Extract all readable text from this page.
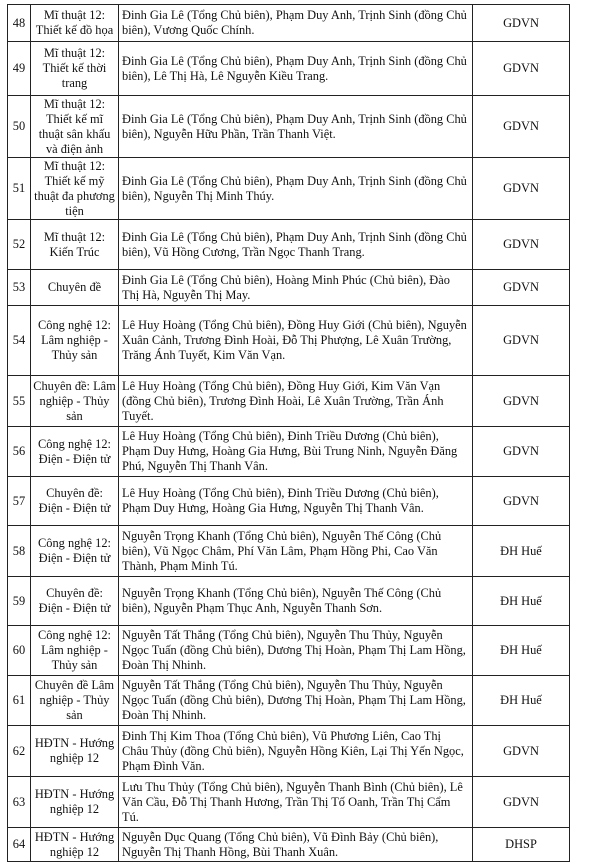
48	Mĩ thuật 12: Thiết kế đồ họa	Đinh Gia Lê (Tổng Chủ biên), Phạm Duy Anh, Trịnh Sinh (đồng Chủ biên), Vương Quốc Chính.	GDVN
49	Mĩ thuật 12: Thiết kế thời trang	Đinh Gia Lê (Tổng Chủ biên), Phạm Duy Anh, Trịnh Sinh (đồng Chủ biên), Lê Thị Hà, Lê Nguyễn Kiều Trang.	GDVN
50	Mĩ thuật 12: Thiết kế mĩ thuật sân khấu và điện ảnh	Đinh Gia Lê (Tổng Chủ biên), Phạm Duy Anh, Trịnh Sinh (đồng Chủ biên), Nguyễn Hữu Phần, Trần Thanh Việt.	GDVN
51	Mĩ thuật 12: Thiết kế mỹ thuật đa phương tiện	Đinh Gia Lê (Tổng Chủ biên), Phạm Duy Anh, Trịnh Sinh (đồng Chủ biên), Nguyễn Thị Minh Thúy.	GDVN
52	Mĩ thuật 12: Kiến Trúc	Đinh Gia Lê (Tổng Chủ biên), Phạm Duy Anh, Trịnh Sinh (đồng Chủ biên), Vũ Hồng Cương, Trần Ngọc Thanh Trang.	GDVN
53	Chuyên đề	Đinh Gia Lê (Tổng Chủ biên), Hoàng Minh Phúc (Chủ biên), Đào Thị Hà, Nguyễn Thị May.	GDVN
54	Công nghệ 12: Lâm nghiệp - Thủy sản	Lê Huy Hoàng (Tổng Chủ biên), Đồng Huy Giới (Chủ biên), Nguyễn Xuân Cảnh, Trương Đình Hoài, Đỗ Thị Phượng, Lê Xuân Trường, Trăng Ánh Tuyết, Kim Văn Vạn.	GDVN
55	Chuyên đề: Lâm nghiệp - Thủy sản	Lê Huy Hoàng (Tổng Chủ biên), Đồng Huy Giới, Kim Văn Vạn (đồng Chủ biên), Trương Đình Hoài, Lê Xuân Trường, Trần Ánh Tuyết.	GDVN
56	Công nghệ 12: Điện - Điện tử	Lê Huy Hoàng (Tổng Chủ biên), Đinh Triều Dương (Chủ biên), Phạm Duy Hưng, Hoàng Gia Hưng, Bùi Trung Ninh, Nguyễn Đăng Phú, Nguyễn Thị Thanh Vân.	GDVN
57	Chuyên đề: Điện - Điện tử	Lê Huy Hoàng (Tổng Chủ biên), Đinh Triều Dương (Chủ biên), Phạm Duy Hưng, Hoàng Gia Hưng, Nguyễn Thị Thanh Vân.	GDVN
58	Công nghệ 12: Điện - Điện tử	Nguyễn Trọng Khanh (Tổng Chủ biên), Nguyễn Thế Công (Chủ biên), Vũ Ngọc Châm, Phí Văn Lâm, Phạm Hồng Phi, Cao Văn Thành, Phạm Minh Tú.	ĐH Huế
59	Chuyên đề: Điện - Điện tử	Nguyễn Trọng Khanh (Tổng Chủ biên), Nguyễn Thế Công (Chủ biên), Nguyễn Phạm Thục Anh, Nguyễn Thanh Sơn.	ĐH Huế
60	Công nghệ 12: Lâm nghiệp - Thủy sản	Nguyễn Tất Thắng (Tổng Chủ biên), Nguyễn Thu Thủy, Nguyễn Ngọc Tuấn (đồng Chủ biên), Dương Thị Hoàn, Phạm Thị Lam Hồng, Đoàn Thị Nhinh.	ĐH Huế
61	Chuyên đề Lâm nghiệp - Thủy sản	Nguyễn Tất Thắng (Tổng Chủ biên), Nguyễn Thu Thủy, Nguyễn Ngọc Tuấn (đồng Chủ biên), Dương Thị Hoàn, Phạm Thị Lam Hồng, Đoàn Thị Nhinh.	ĐH Huế
62	HĐTN - Hướng nghiệp 12	Đinh Thị Kim Thoa (Tổng Chủ biên), Vũ Phương Liên, Cao Thị Châu Thủy (đồng Chủ biên), Nguyễn Hồng Kiên, Lại Thị Yến Ngọc, Phạm Đình Văn.	GDVN
63	HĐTN - Hướng nghiệp 12	Lưu Thu Thủy (Tổng Chủ biên), Nguyễn Thanh Bình (Chủ biên), Lê Văn Cầu, Đỗ Thị Thanh Hương, Trần Thị Tố Oanh, Trần Thị Cẩm Tú.	GDVN
64	HĐTN - Hướng nghiệp 12	Nguyễn Dục Quang (Tổng Chủ biên), Vũ Đình Bảy (Chủ biên), Nguyễn Thị Thanh Hồng, Bùi Thanh Xuân.	DHSP
